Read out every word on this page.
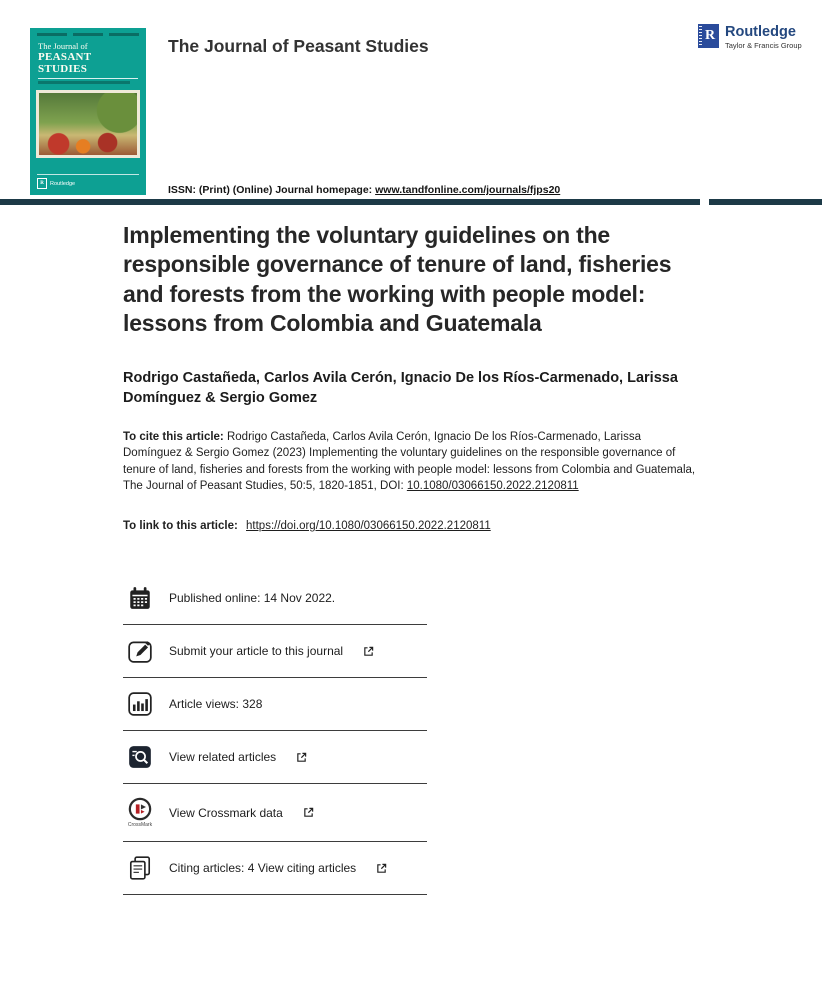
The Journal of
PEASANT STUDIES
R	Routledge
The Journal of Peasant Studies
R Routledge
Taylor & Francis Group
ISSN: (Print) (Online) Journal homepage: www.tandfonline.com/journals/fjps20
Implementing the voluntary guidelines on the responsible governance of tenure of land, fisheries and forests from the working with people model: lessons from Colombia and Guatemala
Rodrigo Castañeda, Carlos Avila Cerón, Ignacio De los Ríos-Carmenado, Larissa Domínguez & Sergio Gomez
To cite this article: Rodrigo Castañeda, Carlos Avila Cerón, Ignacio De los Ríos-Carmenado, Larissa Domínguez & Sergio Gomez (2023) Implementing the voluntary guidelines on the responsible governance of tenure of land, fisheries and forests from the working with people model: lessons from Colombia and Guatemala, The Journal of Peasant Studies, 50:5, 1820-1851, DOI: 10.1080/03066150.2022.2120811
To link to this article: https://doi.org/10.1080/03066150.2022.2120811
Published online: 14 Nov 2022.
Submit your article to this journal
Article views: 328
View related articles
CrossMark
View Crossmark data
Citing articles: 4 View citing articles
